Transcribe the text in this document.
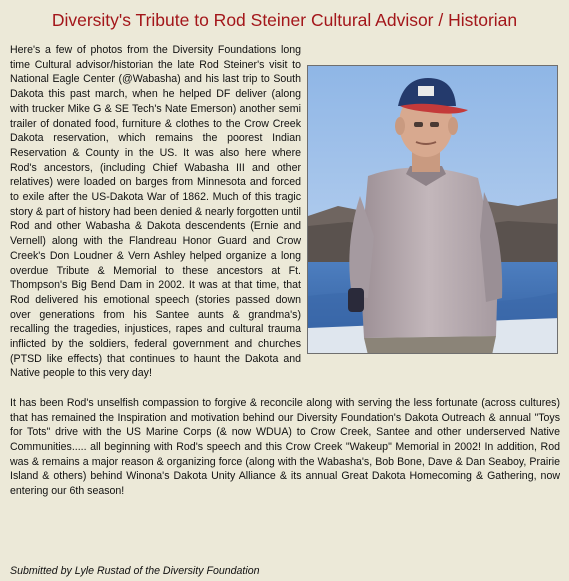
Diversity's Tribute to Rod Steiner Cultural Advisor / Historian

Here's a few of photos from the Diversity Foundations long time Cultural advisor/historian the late Rod Steiner's visit to National Eagle Center (@Wabasha) and his last trip to South Dakota this past march, when he helped DF deliver (along with trucker Mike G & SE Tech's Nate Emerson) another semi trailer of donated food, furniture & clothes to the Crow Creek Dakota reservation, which remains the poorest Indian Reservation & County in the US. It was also here where Rod's ancestors, (including Chief Wabasha III and other relatives) were loaded on barges from Minnesota and forced to exile after the US-Dakota War of 1862. Much of this tragic story & part of history had been denied & nearly forgotten until Rod and other Wabasha & Dakota descendents (Ernie and Vernell) along with the Flandreau Honor Guard and Crow Creek's Don Loudner & Vern Ashley helped organize a long overdue Tribute & Memorial to these ancestors at Ft. Thompson's Big Bend Dam in 2002. It was at that time, that Rod delivered his emotional speech (stories passed down over generations from his Santee aunts & grandma's) recalling the tragedies, injustices, rapes and cultural trauma inflicted by the soldiers, federal government and churches (PTSD like effects) that continues to haunt the Dakota and Native people to this very day!

It has been Rod's unselfish compassion to forgive & reconcile along with serving the less fortunate (across cultures) that has remained the Inspiration and motivation behind our Diversity Foundation's Dakota Outreach & annual "Toys for Tots" drive with the US Marine Corps (& now WDUA) to Crow Creek, Santee and other underserved Native Communities..... all beginning with Rod's speech and this Crow Creek "Wakeup" Memorial in 2002! In addition, Rod was & remains a major reason & organizing force (along with the Wabasha's, Bob Bone, Dave & Dan Seaboy, Prairie Island & others) behind Winona's Dakota Unity Alliance & its annual Great Dakota Homecoming & Gathering, now entering our 6th season!

Submitted by Lyle Rustad of the Diversity Foundation
